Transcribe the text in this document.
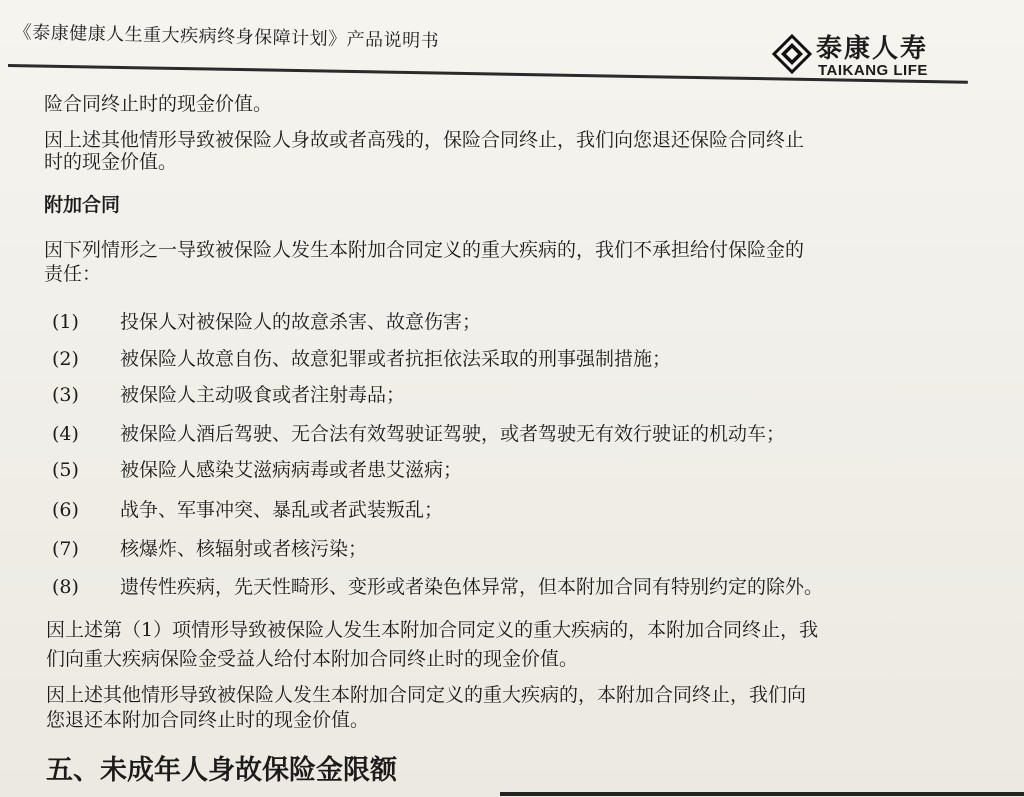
《泰康健康人生重大疾病终身保障计划》产品说明书	泰康人寿
TAIKANG LIFE
险合同终止时的现金价值。
因上述其他情形导致被保险人身故或者高残的，保险合同终止，我们向您退还保险合同终止
时的现金价值。
附加合同
因下列情形之一导致被保险人发生本附加合同定义的重大疾病的，我们不承担给付保险金的
责任：
(1) 投保人对被保险人的故意杀害、故意伤害；
(2) 被保险人故意自伤、故意犯罪或者抗拒依法采取的刑事强制措施；
(3) 被保险人主动吸食或者注射毒品；
(4) 被保险人酒后驾驶、无合法有效驾驶证驾驶，或者驾驶无有效行驶证的机动车；
(5) 被保险人感染艾滋病病毒或者患艾滋病；
(6) 战争、军事冲突、暴乱或者武装叛乱；
(7) 核爆炸、核辐射或者核污染；
(8) 遗传性疾病，先天性畸形、变形或者染色体异常，但本附加合同有特别约定的除外。
因上述第（1）项情形导致被保险人发生本附加合同定义的重大疾病的，本附加合同终止，我
们向重大疾病保险金受益人给付本附加合同终止时的现金价值。
因上述其他情形导致被保险人发生本附加合同定义的重大疾病的，本附加合同终止，我们向
您退还本附加合同终止时的现金价值。
五、未成年人身故保险金限额
